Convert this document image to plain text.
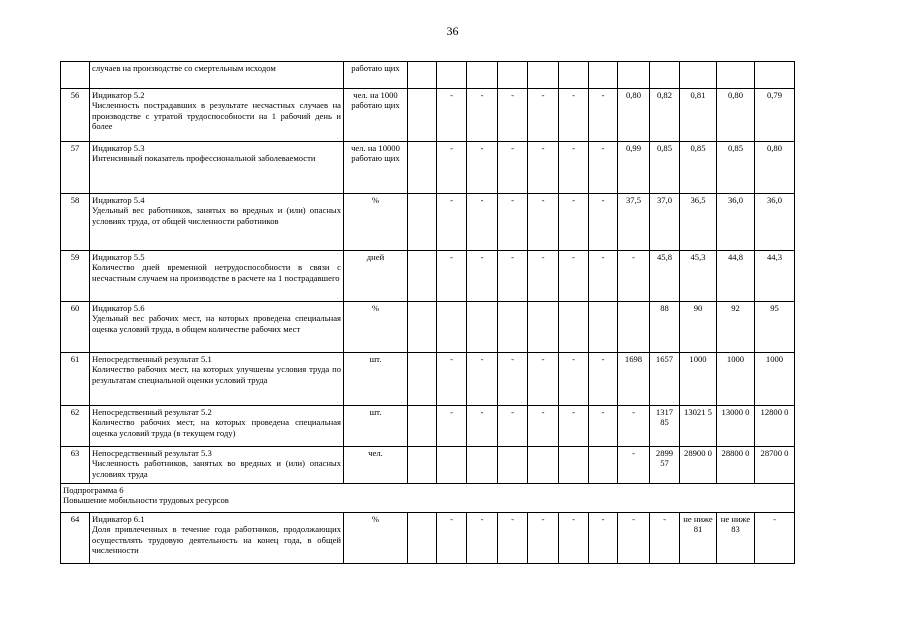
36

	случаев на производстве со смертельным исходом	работаю щих												
56	Индикатор 5.2
Численность пострадавших в результате несчастных случаев на производстве с утратой трудоспособности на 1 рабочий день и более	чел. на 1000 работаю щих		-	-	-	-	-	-	0,80	0,82	0,81	0,80	0,79
57	Индикатор 5.3
Интенсивный показатель профессиональной заболеваемости	чел. на 10000 работаю щих		-	-	-	-	-	-	0,99	0,85	0,85	0,85	0,80
58	Индикатор 5.4
Удельный вес работников, занятых во вредных и (или) опасных условиях труда, от общей численности работников	%		-	-	-	-	-	-	37,5	37,0	36,5	36,0	36,0
59	Индикатор 5.5
Количество дней временной нетрудоспособности в связи с несчастным случаем на производстве в расчете на 1 пострадавшего	дней		-	-	-	-	-	-	-	45,8	45,3	44,8	44,3
60	Индикатор 5.6
Удельный вес рабочих мест, на которых проведена специальная оценка условий труда, в общем количестве рабочих мест	%									88	90	92	95
61	Непосредственный результат 5.1
Количество рабочих мест, на которых улучшены условия труда по результатам специальной оценки условий труда	шт.		-	-	-	-	-	-	1698	1657	1000	1000	1000
62	Непосредственный результат 5.2
Количество рабочих мест, на которых проведена специальная оценка условий труда (в текущем году)	шт.		-	-	-	-	-	-	-	1317 85	13021 5	13000 0	12800 0
63	Непосредственный результат 5.3
Численность работников, занятых во вредных и (или) опасных условиях труда	чел.								-	2899 57	28900 0	28800 0	28700 0

Подпрограмма 6
Повышение мобильности трудовых ресурсов														

64	Индикатор 6.1
Доля привлеченных в течение года работников, продолжающих осуществлять трудовую деятельность на конец года, в общей численности	%		-	-	-	-	-	-	-	-	не ниже 81	не ниже 83	-
